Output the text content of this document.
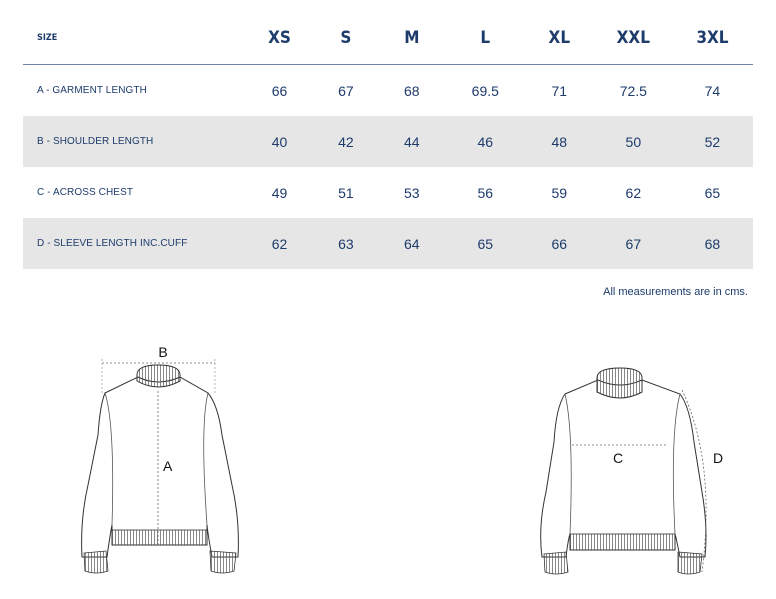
SIZE	XS	S	M	L	XL	XXL	3XL
A - GARMENT LENGTH	66	67	68	69.5	71	72.5	74
B - SHOULDER LENGTH	40	42	44	46	48	50	52
C - ACROSS CHEST	49	51	53	56	59	62	65
D - SLEEVE LENGTH INC.CUFF	62	63	64	65	66	67	68
All measurements are in cms.
B
A	C	D
